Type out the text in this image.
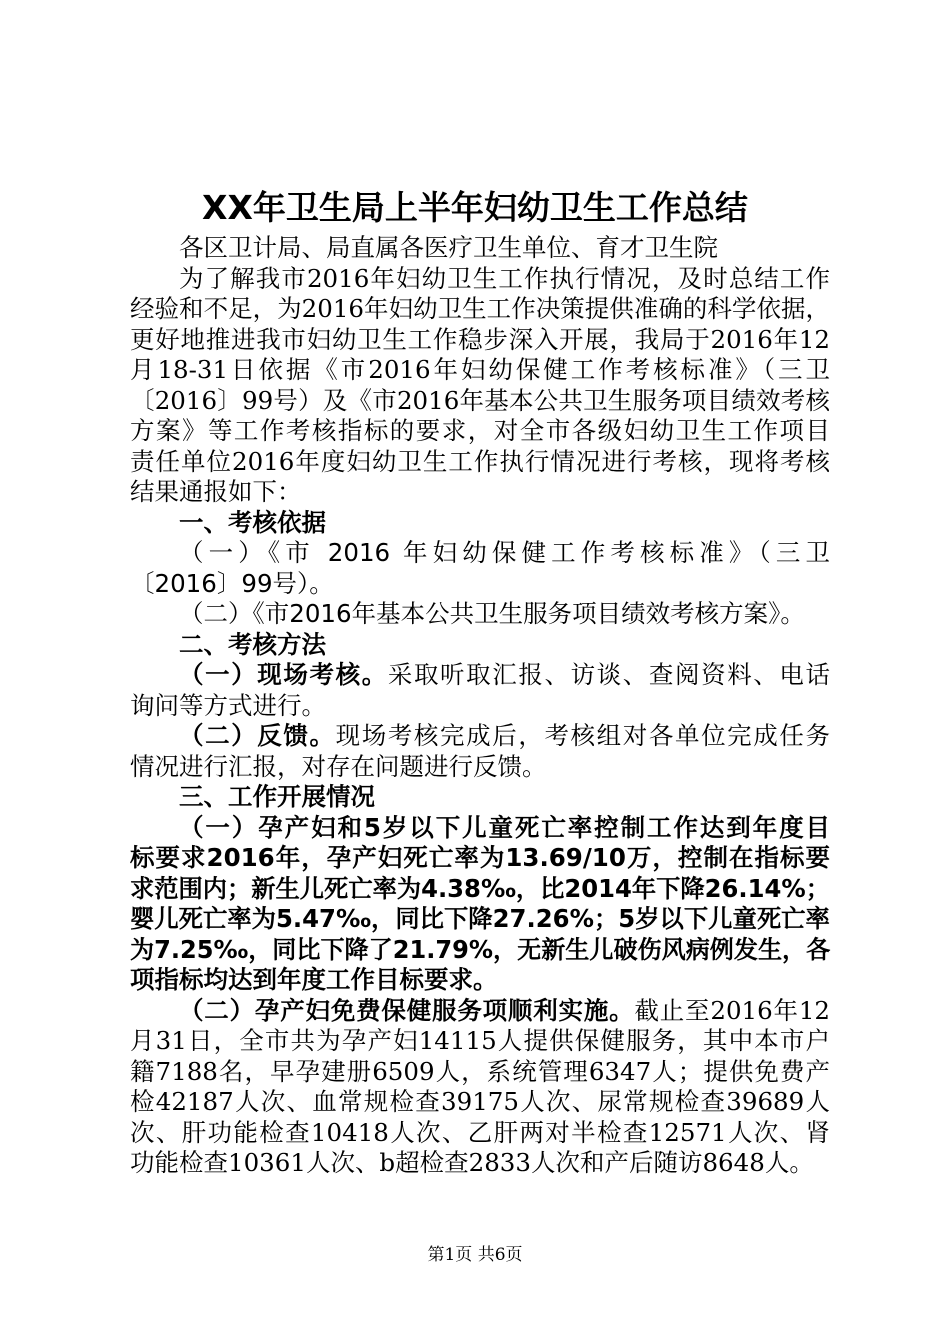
XX年卫生局上半年妇幼卫生工作总结
各区卫计局、局直属各医疗卫生单位、育才卫生院
为了解我市2016年妇幼卫生工作执行情况，及时总结工作
经验和不足，为2016年妇幼卫生工作决策提供准确的科学依据，
更好地推进我市妇幼卫生工作稳步深入开展，我局于2016年12
月18-31日依据《市2016年妇幼保健工作考核标准》（三卫
〔2016〕99号）及《市2016年基本公共卫生服务项目绩效考核
方案》等工作考核指标的要求，对全市各级妇幼卫生工作项目
责任单位2016年度妇幼卫生工作执行情况进行考核，现将考核
结果通报如下：
一、考核依据
（一）《市 2016 年妇幼保健工作考核标准》（三卫
〔2016〕99号）。
（二）《市2016年基本公共卫生服务项目绩效考核方案》。
二、考核方法
（一）现场考核。采取听取汇报、访谈、查阅资料、电话
询问等方式进行。
（二）反馈。现场考核完成后，考核组对各单位完成任务
情况进行汇报，对存在问题进行反馈。
三、工作开展情况
（一）孕产妇和5岁以下儿童死亡率控制工作达到年度目
标要求2016年，孕产妇死亡率为13.69/10万，控制在指标要
求范围内；新生儿死亡率为4.38‰，比2014年下降26.14%；
婴儿死亡率为5.47‰，同比下降27.26%；5岁以下儿童死亡率
为7.25‰，同比下降了21.79%，无新生儿破伤风病例发生，各
项指标均达到年度工作目标要求。
（二）孕产妇免费保健服务项顺利实施。截止至2016年12
月31日，全市共为孕产妇14115人提供保健服务，其中本市户
籍7188名，早孕建册6509人，系统管理6347人；提供免费产
检42187人次、血常规检查39175人次、尿常规检查39689人
次、肝功能检查10418人次、乙肝两对半检查12571人次、肾
功能检查10361人次、b超检查2833人次和产后随访8648人。
第1页 共6页
